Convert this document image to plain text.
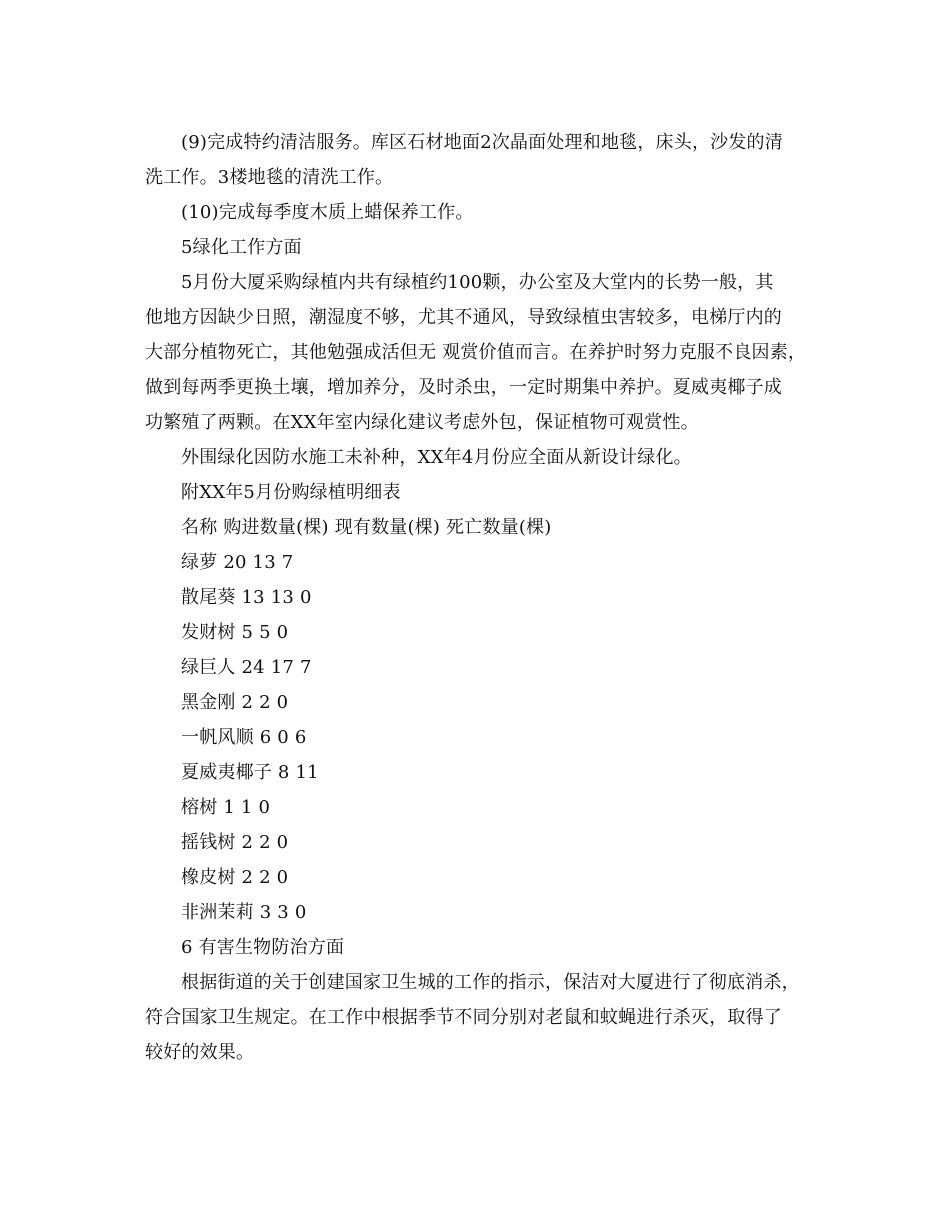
(9)完成特约清洁服务。库区石材地面2次晶面处理和地毯，床头，沙发的清
洗工作。3楼地毯的清洗工作。
(10)完成每季度木质上蜡保养工作。
5绿化工作方面
5月份大厦采购绿植内共有绿植约100颗，办公室及大堂内的长势一般，其
他地方因缺少日照，潮湿度不够，尤其不通风，导致绿植虫害较多，电梯厅内的
大部分植物死亡，其他勉强成活但无 观赏价值而言。在养护时努力克服不良因素，
做到每两季更换土壤，增加养分，及时杀虫，一定时期集中养护。夏威夷椰子成
功繁殖了两颗。在XX年室内绿化建议考虑外包，保证植物可观赏性。
外围绿化因防水施工未补种，XX年4月份应全面从新设计绿化。
附XX年5月份购绿植明细表
名称 购进数量(棵) 现有数量(棵) 死亡数量(棵)
绿萝 20 13 7
散尾葵 13 13 0
发财树 5 5 0
绿巨人 24 17 7
黑金刚 2 2 0
一帆风顺 6 0 6
夏威夷椰子 8 11
榕树 1 1 0
摇钱树 2 2 0
橡皮树 2 2 0
非洲茉莉 3 3 0
6 有害生物防治方面
根据街道的关于创建国家卫生城的工作的指示，保洁对大厦进行了彻底消杀，
符合国家卫生规定。在工作中根据季节不同分别对老鼠和蚊蝇进行杀灭，取得了
较好的效果。
